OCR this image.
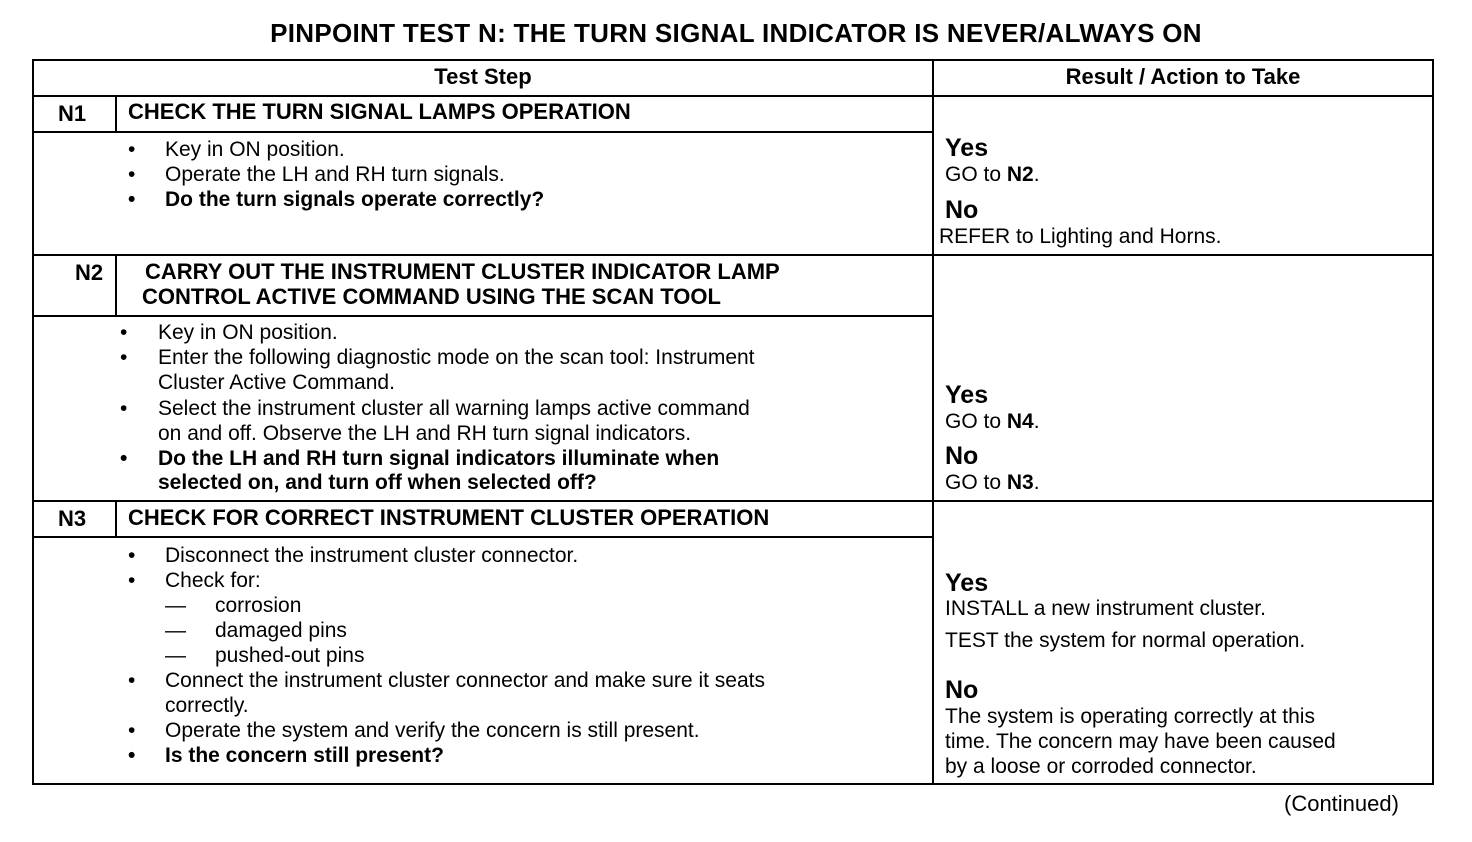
PINPOINT TEST N: THE TURN SIGNAL INDICATOR IS NEVER/ALWAYS ON
Test Step	Result / Action to Take
N1 CHECK THE TURN SIGNAL LAMPS OPERATION
• Key in ON position.
• Operate the LH and RH turn signals.
• Do the turn signals operate correctly?
Yes
GO to N2.
No
REFER to Lighting and Horns.
N2 CARRY OUT THE INSTRUMENT CLUSTER INDICATOR LAMP
CONTROL ACTIVE COMMAND USING THE SCAN TOOL
• Key in ON position.
• Enter the following diagnostic mode on the scan tool: Instrument
Cluster Active Command.
• Select the instrument cluster all warning lamps active command
on and off. Observe the LH and RH turn signal indicators.
• Do the LH and RH turn signal indicators illuminate when
selected on, and turn off when selected off?
Yes
GO to N4.
No
GO to N3.
N3 CHECK FOR CORRECT INSTRUMENT CLUSTER OPERATION
• Disconnect the instrument cluster connector.
• Check for:
— corrosion
— damaged pins
— pushed-out pins
• Connect the instrument cluster connector and make sure it seats
correctly.
• Operate the system and verify the concern is still present.
• Is the concern still present?
Yes
INSTALL a new instrument cluster.
TEST the system for normal operation.
No
The system is operating correctly at this
time. The concern may have been caused
by a loose or corroded connector.
(Continued)
